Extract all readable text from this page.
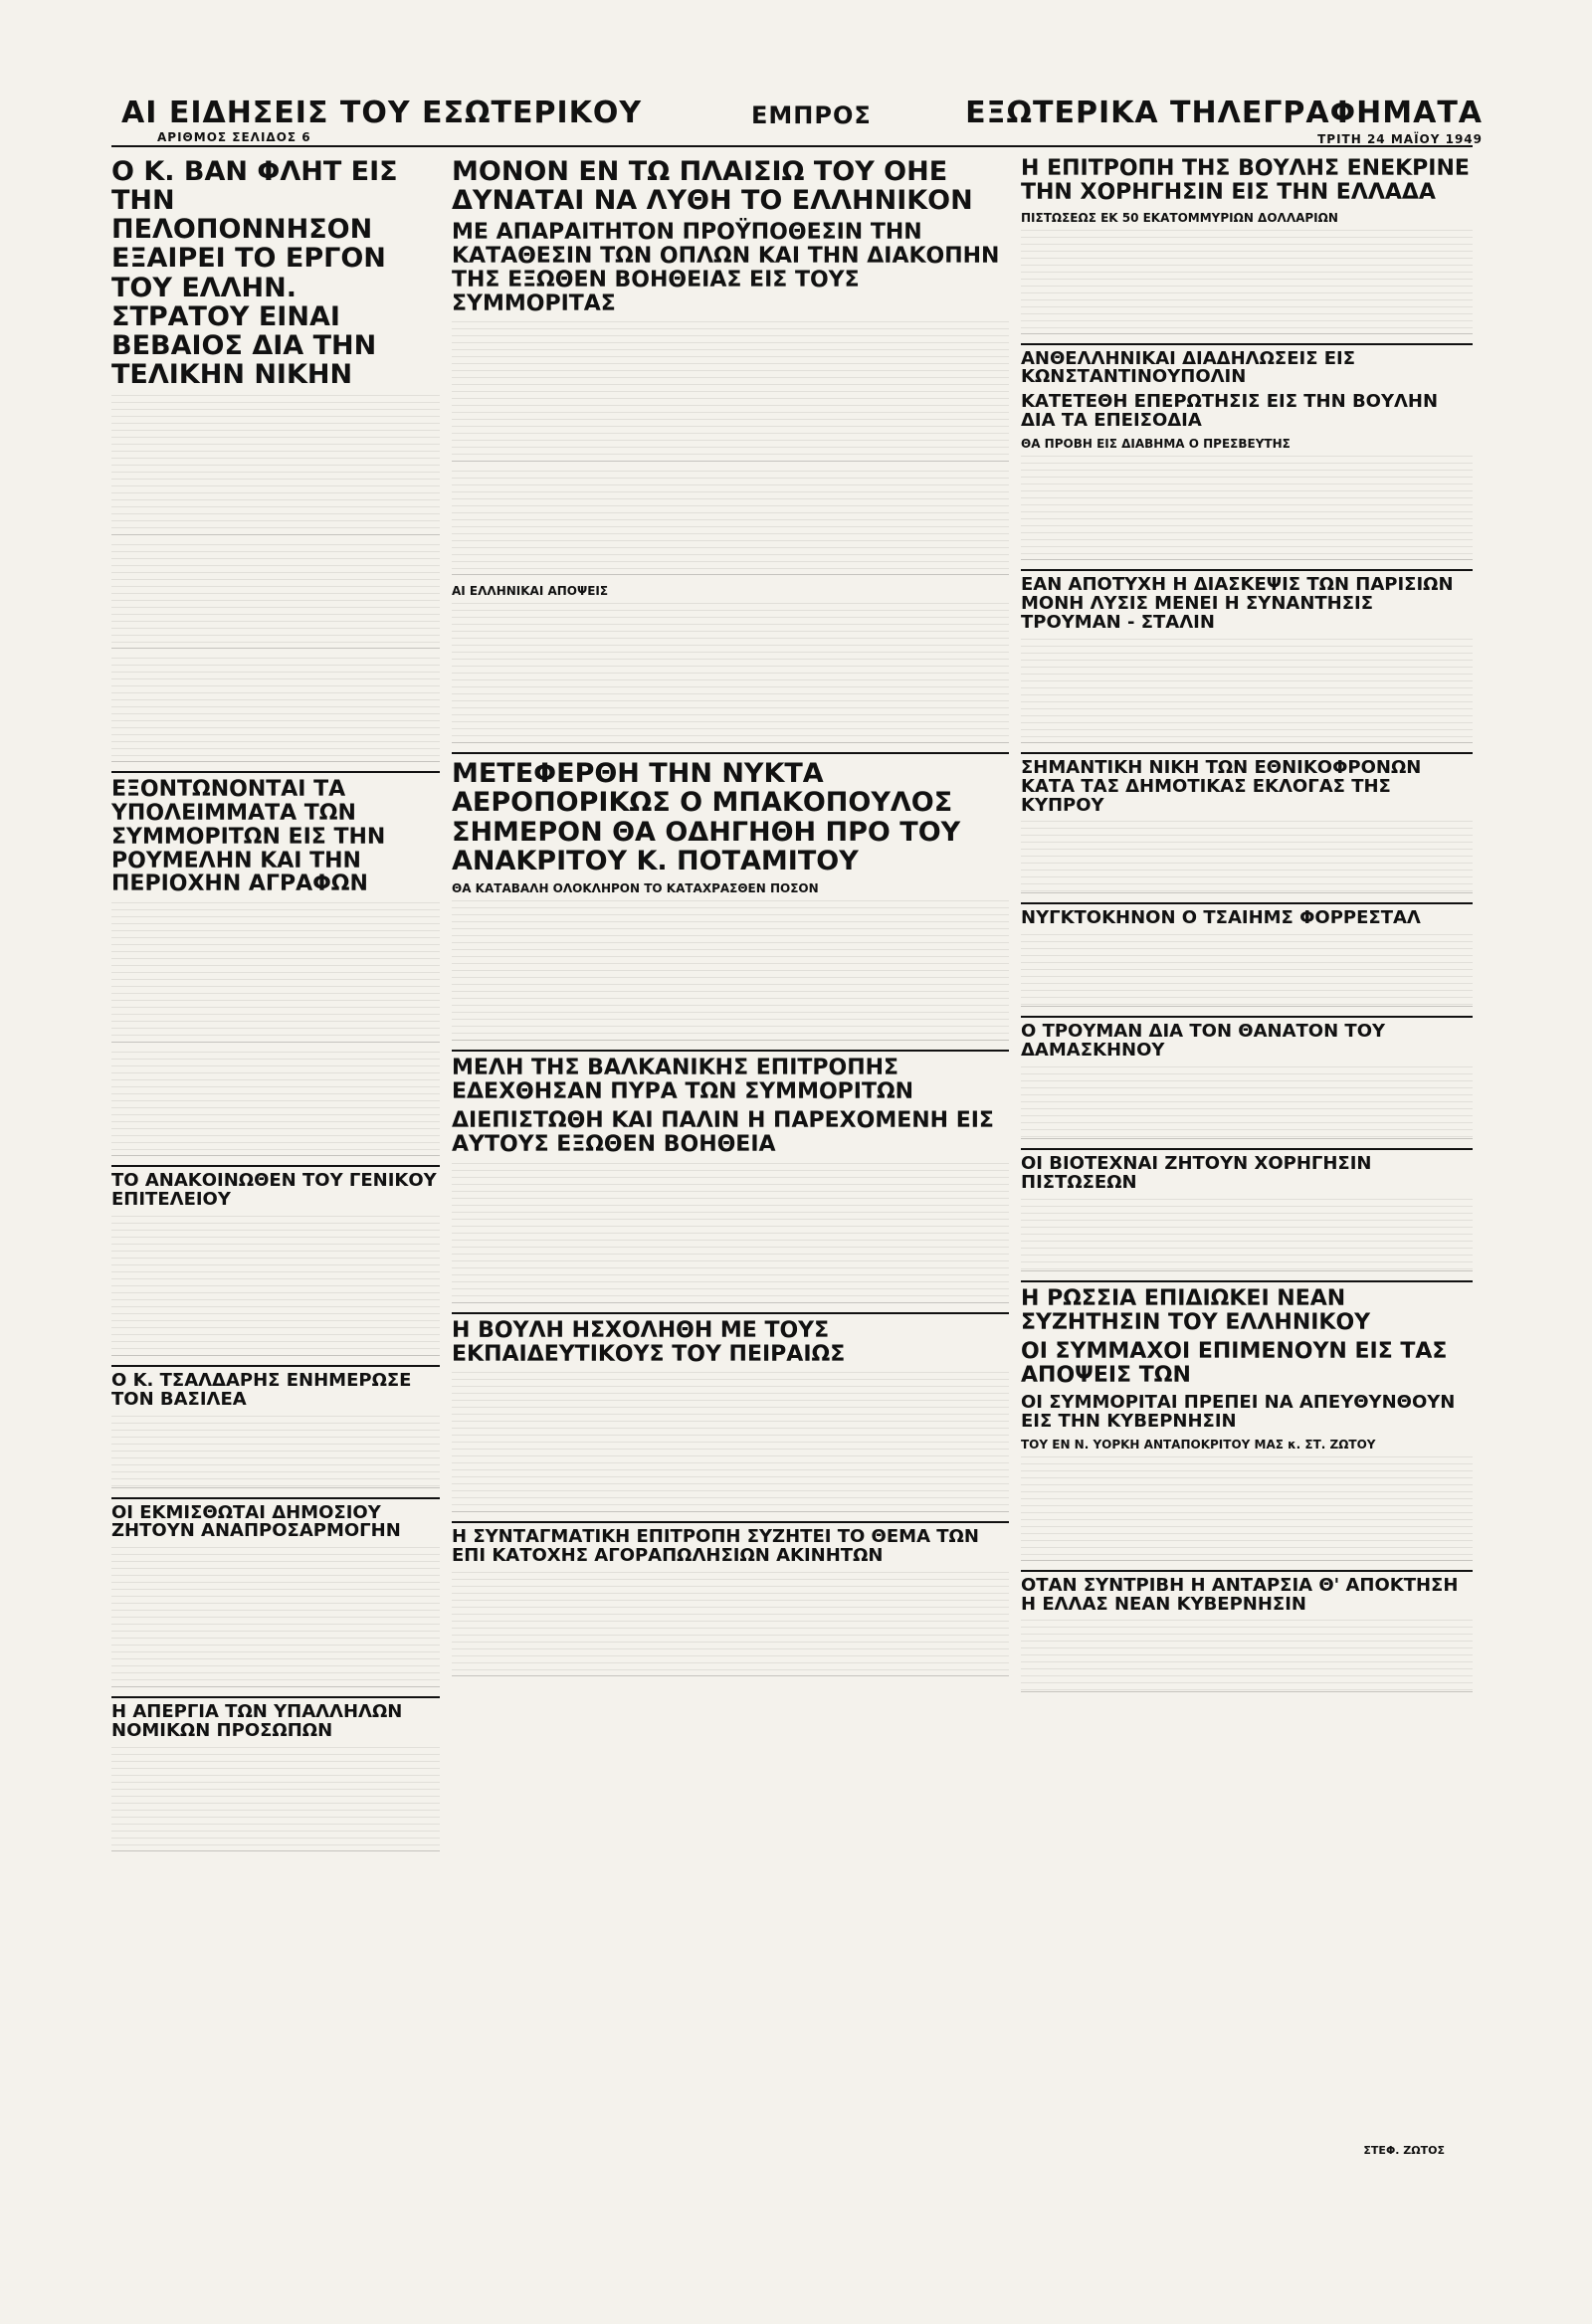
ΑΙ ΕΙΔΗΣΕΙΣ ΤΟΥ ΕΣΩΤΕΡΙΚΟΥ
ΑΡΙΘΜΟΣ ΣΕΛΙΔΟΣ 6
ΕΜΠΡΟΣ	ΕΞΩΤΕΡΙΚΑ ΤΗΛΕΓΡΑΦΗΜΑΤΑ
ΤΡΙΤΗ 24 ΜΑΪΟΥ 1949
Ο Κ. ΒΑΝ ΦΛΗΤ ΕΙΣ ΤΗΝ ΠΕΛΟΠΟΝΝΗΣΟΝ ΕΞΑΙΡΕΙ ΤΟ ΕΡΓΟΝ ΤΟΥ ΕΛΛΗΝ. ΣΤΡΑΤΟΥ ΕΙΝΑΙ ΒΕΒΑΙΟΣ ΔΙΑ ΤΗΝ ΤΕΛΙΚΗΝ ΝΙΚΗΝ
ΕΞΟΝΤΩΝΟΝΤΑΙ ΤΑ ΥΠΟΛΕΙΜΜΑΤΑ ΤΩΝ ΣΥΜΜΟΡΙΤΩΝ ΕΙΣ ΤΗΝ ΡΟΥΜΕΛΗΝ ΚΑΙ ΤΗΝ ΠΕΡΙΟΧΗΝ ΑΓΡΑΦΩΝ
ΤΟ ΑΝΑΚΟΙΝΩΘΕΝ ΤΟΥ ΓΕΝΙΚΟΥ ΕΠΙΤΕΛΕΙΟΥ
Ο Κ. ΤΣΑΛΔΑΡΗΣ ΕΝΗΜΕΡΩΣΕ ΤΟΝ ΒΑΣΙΛΕΑ
ΟΙ ΕΚΜΙΣΘΩΤΑΙ ΔΗΜΟΣΙΟΥ ΖΗΤΟΥΝ ΑΝΑΠΡΟΣΑΡΜΟΓΗΝ
Η ΑΠΕΡΓΙΑ ΤΩΝ ΥΠΑΛΛΗΛΩΝ ΝΟΜΙΚΩΝ ΠΡΟΣΩΠΩΝ
ΜΟΝΟΝ ΕΝ ΤΩ ΠΛΑΙΣΙΩ ΤΟΥ ΟΗΕ ΔΥΝΑΤΑΙ ΝΑ ΛΥΘΗ ΤΟ ΕΛΛΗΝΙΚΟΝ
ΜΕ ΑΠΑΡΑΙΤΗΤΟΝ ΠΡΟΫΠΟΘΕΣΙΝ ΤΗΝ ΚΑΤΑΘΕΣΙΝ ΤΩΝ ΟΠΛΩΝ ΚΑΙ ΤΗΝ ΔΙΑΚΟΠΗΝ ΤΗΣ ΕΞΩΘΕΝ ΒΟΗΘΕΙΑΣ ΕΙΣ ΤΟΥΣ ΣΥΜΜΟΡΙΤΑΣ
ΑΙ ΕΛΛΗΝΙΚΑΙ ΑΠΟΨΕΙΣ
ΜΕΤΕΦΕΡΘΗ ΤΗΝ ΝΥΚΤΑ ΑΕΡΟΠΟΡΙΚΩΣ Ο ΜΠΑΚΟΠΟΥΛΟΣ ΣΗΜΕΡΟΝ ΘΑ ΟΔΗΓΗΘΗ ΠΡΟ ΤΟΥ ΑΝΑΚΡΙΤΟΥ Κ. ΠΟΤΑΜΙΤΟΥ
ΘΑ ΚΑΤΑΒΑΛΗ ΟΛΟΚΛΗΡΟΝ ΤΟ ΚΑΤΑΧΡΑΣΘΕΝ ΠΟΣΟΝ
ΜΕΛΗ ΤΗΣ ΒΑΛΚΑΝΙΚΗΣ ΕΠΙΤΡΟΠΗΣ ΕΔΕΧΘΗΣΑΝ ΠΥΡΑ ΤΩΝ ΣΥΜΜΟΡΙΤΩΝ
ΔΙΕΠΙΣΤΩΘΗ ΚΑΙ ΠΑΛΙΝ Η ΠΑΡΕΧΟΜΕΝΗ ΕΙΣ ΑΥΤΟΥΣ ΕΞΩΘΕΝ ΒΟΗΘΕΙΑ
Η ΒΟΥΛΗ ΗΣΧΟΛΗΘΗ ΜΕ ΤΟΥΣ ΕΚΠΑΙΔΕΥΤΙΚΟΥΣ ΤΟΥ ΠΕΙΡΑΙΩΣ
Η ΣΥΝΤΑΓΜΑΤΙΚΗ ΕΠΙΤΡΟΠΗ ΣΥΖΗΤΕΙ ΤΟ ΘΕΜΑ ΤΩΝ ΕΠΙ ΚΑΤΟΧΗΣ ΑΓΟΡΑΠΩΛΗΣΙΩΝ ΑΚΙΝΗΤΩΝ
Η ΕΠΙΤΡΟΠΗ ΤΗΣ ΒΟΥΛΗΣ ΕΝΕΚΡΙΝΕ ΤΗΝ ΧΟΡΗΓΗΣΙΝ ΕΙΣ ΤΗΝ ΕΛΛΑΔΑ
ΠΙΣΤΩΣΕΩΣ ΕΚ 50 ΕΚΑΤΟΜΜΥΡΙΩΝ ΔΟΛΛΑΡΙΩΝ
ΑΝΘΕΛΛΗΝΙΚΑΙ ΔΙΑΔΗΛΩΣΕΙΣ ΕΙΣ ΚΩΝΣΤΑΝΤΙΝΟΥΠΟΛΙΝ
ΚΑΤΕΤΕΘΗ ΕΠΕΡΩΤΗΣΙΣ ΕΙΣ ΤΗΝ ΒΟΥΛΗΝ ΔΙΑ ΤΑ ΕΠΕΙΣΟΔΙΑ
ΘΑ ΠΡΟΒΗ ΕΙΣ ΔΙΑΒΗΜΑ Ο ΠΡΕΣΒΕΥΤΗΣ
ΕΑΝ ΑΠΟΤΥΧΗ Η ΔΙΑΣΚΕΨΙΣ ΤΩΝ ΠΑΡΙΣΙΩΝ ΜΟΝΗ ΛΥΣΙΣ ΜΕΝΕΙ Η ΣΥΝΑΝΤΗΣΙΣ ΤΡΟΥΜΑΝ - ΣΤΑΛΙΝ
ΣΗΜΑΝΤΙΚΗ ΝΙΚΗ ΤΩΝ ΕΘΝΙΚΟΦΡΟΝΩΝ ΚΑΤΑ ΤΑΣ ΔΗΜΟΤΙΚΑΣ ΕΚΛΟΓΑΣ ΤΗΣ ΚΥΠΡΟΥ
ΝΥΓΚΤΟΚΗΝΟΝ Ο ΤΣΑΙΗΜΣ ΦΟΡΡΕΣΤΑΛ
Ο ΤΡΟΥΜΑΝ ΔΙΑ ΤΟΝ ΘΑΝΑΤΟΝ ΤΟΥ ΔΑΜΑΣΚΗΝΟΥ
ΟΙ ΒΙΟΤΕΧΝΑΙ ΖΗΤΟΥΝ ΧΟΡΗΓΗΣΙΝ ΠΙΣΤΩΣΕΩΝ
Η ΡΩΣΣΙΑ ΕΠΙΔΙΩΚΕΙ ΝΕΑΝ ΣΥΖΗΤΗΣΙΝ ΤΟΥ ΕΛΛΗΝΙΚΟΥ
ΟΙ ΣΥΜΜΑΧΟΙ ΕΠΙΜΕΝΟΥΝ ΕΙΣ ΤΑΣ ΑΠΟΨΕΙΣ ΤΩΝ
ΟΙ ΣΥΜΜΟΡΙΤΑΙ ΠΡΕΠΕΙ ΝΑ ΑΠΕΥΘΥΝΘΟΥΝ ΕΙΣ ΤΗΝ ΚΥΒΕΡΝΗΣΙΝ
ΤΟΥ ΕΝ Ν. ΥΟΡΚΗ ΑΝΤΑΠΟΚΡΙΤΟΥ ΜΑΣ κ. ΣΤ. ΖΩΤΟΥ
ΟΤΑΝ ΣΥΝΤΡΙΒΗ Η ΑΝΤΑΡΣΙΑ Θ' ΑΠΟΚΤΗΣΗ Η ΕΛΛΑΣ ΝΕΑΝ ΚΥΒΕΡΝΗΣΙΝ
ΣΤΕΦ. ΖΩΤΟΣ
